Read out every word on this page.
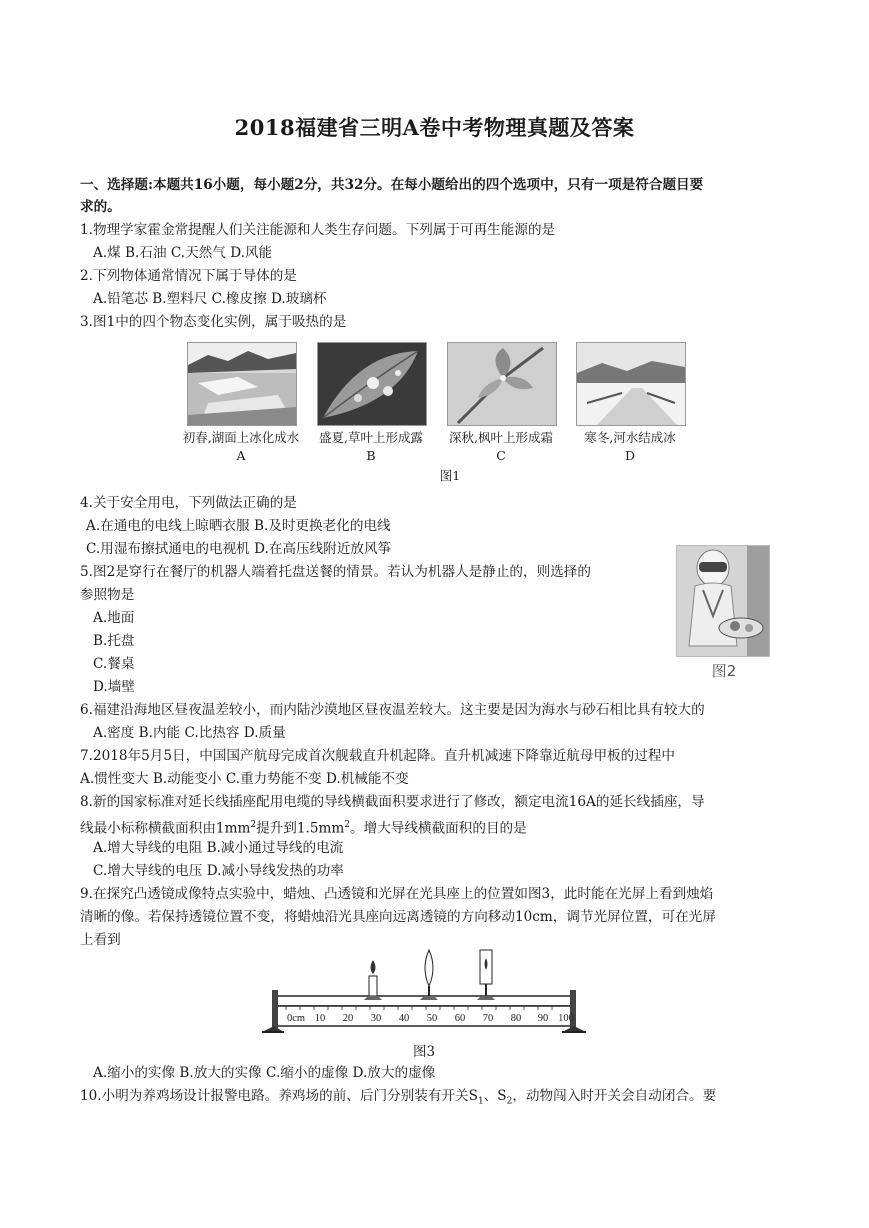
2018福建省三明A卷中考物理真题及答案
一、选择题:本题共16小题，每小题2分，共32分。在每小题给出的四个选项中，只有一项是符合题目要
求的。
1.物理学家霍金常提醒人们关注能源和人类生存问题。下列属于可再生能源的是
A.煤 B.石油 C.天然气 D.风能
2.下列物体通常情况下属于导体的是
A.铅笔芯 B.塑料尺 C.橡皮擦 D.玻璃杯
3.图1中的四个物态变化实例，属于吸热的是
初春,湖面上冰化成水	盛夏,草叶上形成露	深秋,枫叶上形成霜	寒冬,河水结成冰
A	B	C	D
图1
4.关于安全用电，下列做法正确的是
A.在通电的电线上晾晒衣服 B.及时更换老化的电线
C.用湿布擦拭通电的电视机 D.在高压线附近放风筝
5.图2是穿行在餐厅的机器人端着托盘送餐的情景。若认为机器人是静止的，则选择的
参照物是
A.地面
B.托盘
C.餐桌
D.墙壁
图2
6.福建沿海地区昼夜温差较小，而内陆沙漠地区昼夜温差较大。这主要是因为海水与砂石相比具有较大的
A.密度 B.内能 C.比热容 D.质量
7.2018年5月5日，中国国产航母完成首次舰载直升机起降。直升机减速下降靠近航母甲板的过程中
A.惯性变大 B.动能变小 C.重力势能不变 D.机械能不变
8.新的国家标准对延长线插座配用电缆的导线横截面积要求进行了修改，额定电流16A的延长线插座，导
线最小标称横截面积由$1mm^2$提升到$1.5mm^2$。增大导线横截面积的目的是
A.增大导线的电阻 B.减小通过导线的电流
C.增大导线的电压 D.减小导线发热的功率
9.在探究凸透镜成像特点实验中，蜡烛、凸透镜和光屏在光具座上的位置如图3，此时能在光屏上看到烛焰
清晰的像。若保持透镜位置不变，将蜡烛沿光具座向远离透镜的方向移动10cm，调节光屏位置，可在光屏
上看到
0cm 10 20 30 40 50 60 70 80 90 100
图3
A.缩小的实像 B.放大的实像 C.缩小的虚像 D.放大的虚像
10.小明为养鸡场设计报警电路。养鸡场的前、后门分别装有开关$S_1$、$S_2$，动物闯入时开关会自动闭合。要
